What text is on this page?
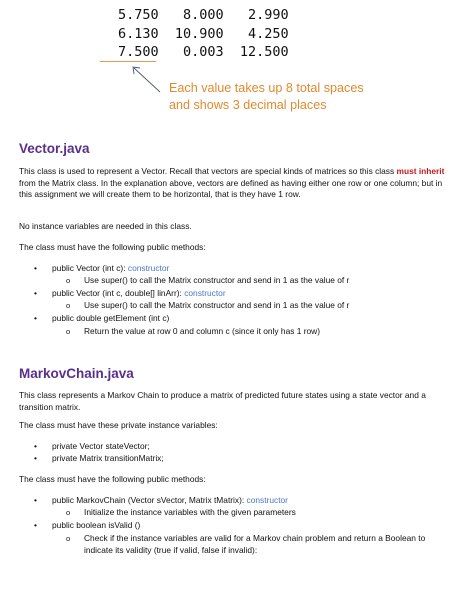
5.750   8.000   2.990
6.130  10.900   4.250
7.500   0.003  12.500
Each value takes up 8 total spaces
and shows 3 decimal places
Vector.java
This class is used to represent a Vector. Recall that vectors are special kinds of matrices so this class must inherit from the Matrix class. In the explanation above, vectors are defined as having either one row or one column; but in this assignment we will create them to be horizontal, that is they have 1 row.
No instance variables are needed in this class.
The class must have the following public methods:
• public Vector (int c): constructor
o Use super() to call the Matrix constructor and send in 1 as the value of r
• public Vector (int c, double[] linArr): constructor
o Use super() to call the Matrix constructor and send in 1 as the value of r
• public double getElement (int c)
o Return the value at row 0 and column c (since it only has 1 row)
MarkovChain.java
This class represents a Markov Chain to produce a matrix of predicted future states using a state vector and a transition matrix.
The class must have these private instance variables:
• private Vector stateVector;
• private Matrix transitionMatrix;
The class must have the following public methods:
• public MarkovChain (Vector sVector, Matrix tMatrix): constructor
o Initialize the instance variables with the given parameters
• public boolean isValid ()
o Check if the instance variables are valid for a Markov chain problem and return a Boolean to indicate its validity (true if valid, false if invalid):
